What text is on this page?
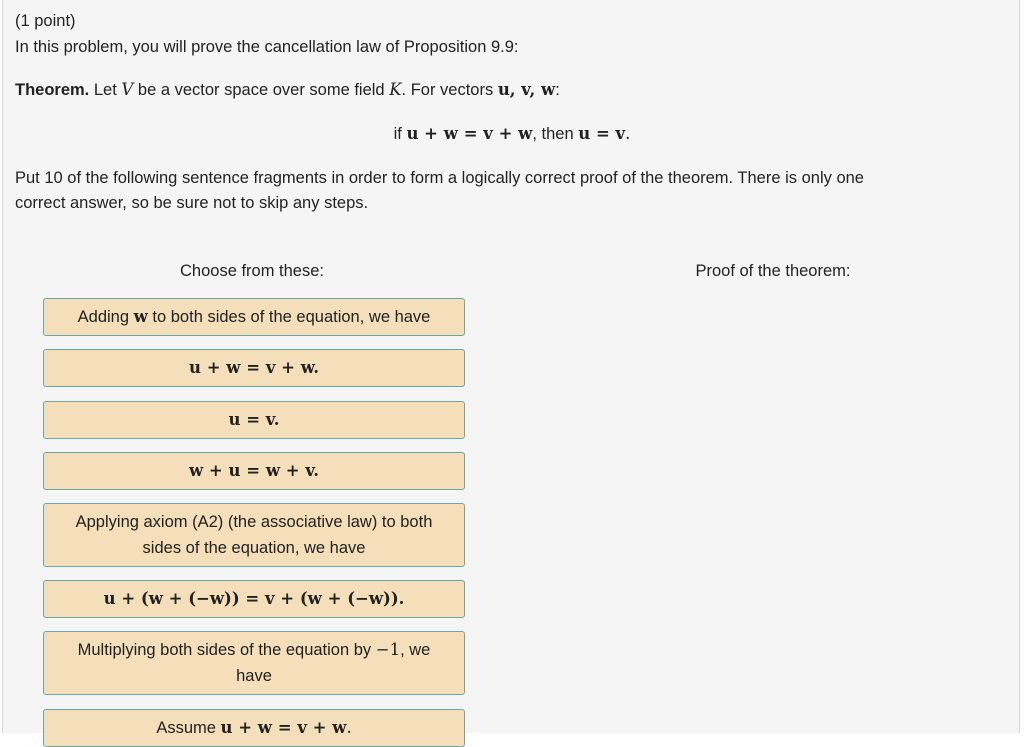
(1 point)
In this problem, you will prove the cancellation law of Proposition 9.9:
Theorem. Let V be a vector space over some field K. For vectors u, v, w:
if u + w = v + w, then u = v.
Put 10 of the following sentence fragments in order to form a logically correct proof of the theorem. There is only one
correct answer, so be sure not to skip any steps.
Choose from these:	Proof of the theorem:
Adding w to both sides of the equation, we have
u + w = v + w.
u = v.
w + u = w + v.
Applying axiom (A2) (the associative law) to both
sides of the equation, we have
u + (w + (−w)) = v + (w + (−w)).
Multiplying both sides of the equation by −1, we
have
Assume u + w = v + w.
